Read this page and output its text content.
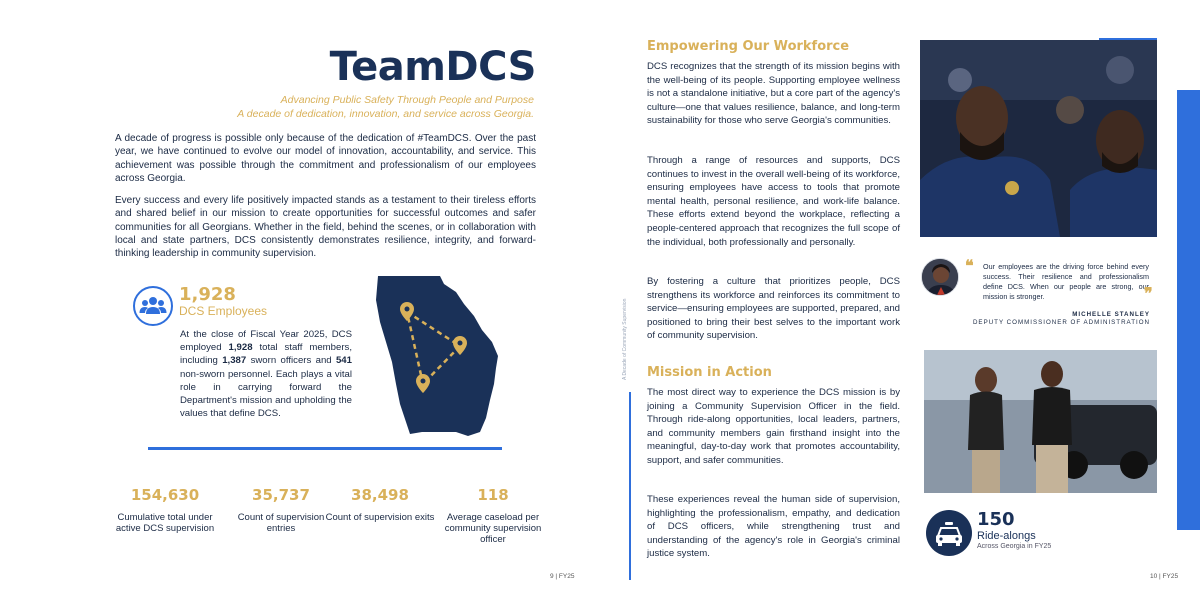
TeamDCS
Advancing Public Safety Through People and Purpose
A decade of dedication, innovation, and service across Georgia.

A decade of progress is possible only because of the dedication of #TeamDCS. Over the past year, we have continued to evolve our model of innovation, accountability, and service. This achievement was possible through the commitment and professionalism of our employees across Georgia.

Every success and every life positively impacted stands as a testament to their tireless efforts and shared belief in our mission to create opportunities for successful outcomes and safer communities for all Georgians. Whether in the field, behind the scenes, or in collaboration with local and state partners, DCS consistently demonstrates resilience, integrity, and forward-thinking leadership in community supervision.

1,928
DCS Employees

At the close of Fiscal Year 2025, DCS employed 1,928 total staff members, including 1,387 sworn officers and 541 non-sworn personnel. Each plays a vital role in carrying forward the Department's mission and upholding the values that define DCS.

154,630
Cumulative total under active DCS supervision
35,737
Count of supervision entries
38,498
Count of supervision exits
118
Average caseload per community supervision officer
9 | FY25
A Decade of Community Supervision
Empowering Our Workforce

DCS recognizes that the strength of its mission begins with the well-being of its people. Supporting employee wellness is not a standalone initiative, but a core part of the agency's culture—one that values resilience, balance, and long-term sustainability for those who serve Georgia's communities.

Through a range of resources and supports, DCS continues to invest in the overall well-being of its workforce, ensuring employees have access to tools that promote mental health, personal resilience, and work-life balance. These efforts extend beyond the workplace, reflecting a people-centered approach that recognizes the full scope of the individual, both professionally and personally.

By fostering a culture that prioritizes people, DCS strengthens its workforce and reinforces its commitment to service—ensuring employees are supported, prepared, and positioned to bring their best selves to the important work of community supervision.

Mission in Action

The most direct way to experience the DCS mission is by joining a Community Supervision Officer in the field. Through ride-along opportunities, local leaders, partners, and community members gain firsthand insight into the meaningful, day-to-day work that promotes accountability, support, and safer communities.

These experiences reveal the human side of supervision, highlighting the professionalism, empathy, and dedication of DCS officers, while strengthening trust and understanding of the agency's role in Georgia's criminal justice system.

❝ Our employees are the driving force behind every success. Their resilience and professionalism define DCS. When our people are strong, our mission is stronger.	❞
MICHELLE STANLEY
DEPUTY COMMISSIONER OF ADMINISTRATION
150
Ride-alongs
Across Georgia in FY25
10 | FY25
